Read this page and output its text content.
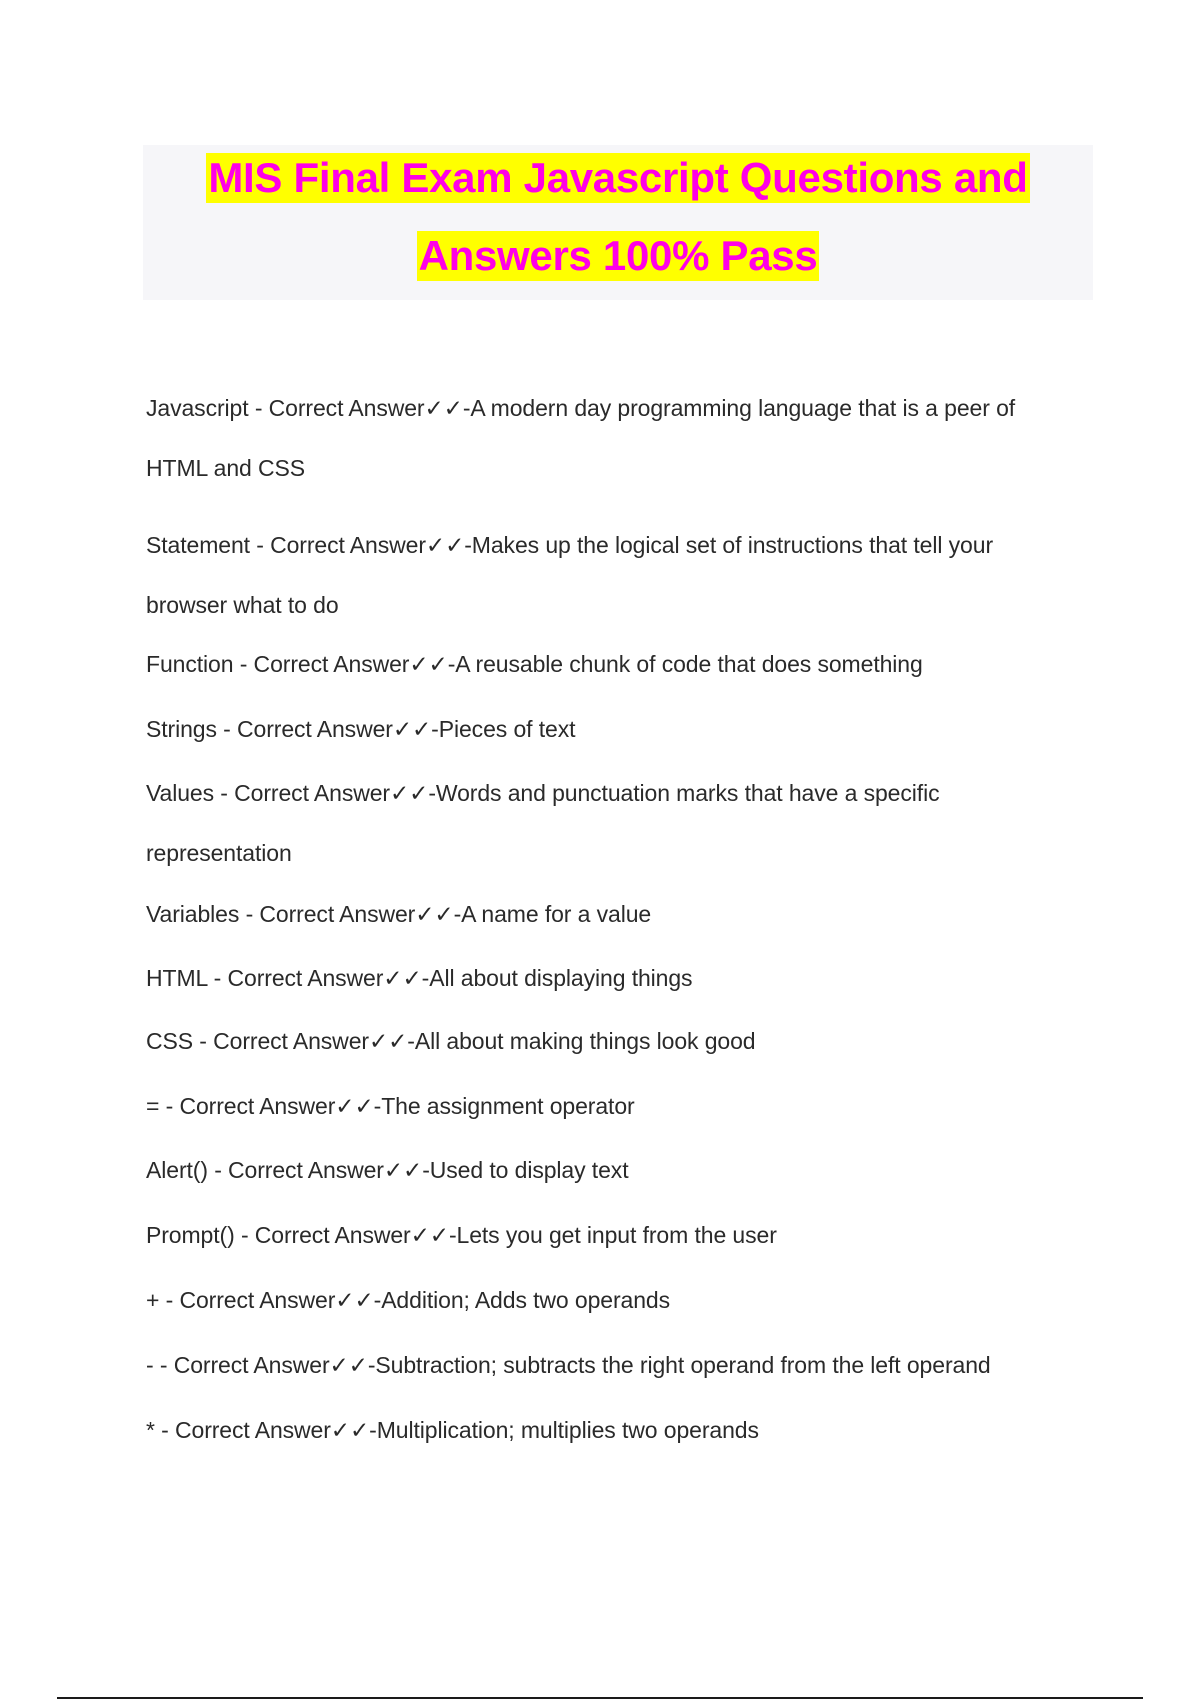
MIS Final Exam Javascript Questions and
Answers 100% Pass
Javascript - Correct Answer✓✓-A modern day programming language that is a peer of
HTML and CSS
Statement - Correct Answer✓✓-Makes up the logical set of instructions that tell your
browser what to do
Function - Correct Answer✓✓-A reusable chunk of code that does something
Strings - Correct Answer✓✓-Pieces of text
Values - Correct Answer✓✓-Words and punctuation marks that have a specific
representation
Variables - Correct Answer✓✓-A name for a value
HTML - Correct Answer✓✓-All about displaying things
CSS - Correct Answer✓✓-All about making things look good
= - Correct Answer✓✓-The assignment operator
Alert() - Correct Answer✓✓-Used to display text
Prompt() - Correct Answer✓✓-Lets you get input from the user
+ - Correct Answer✓✓-Addition; Adds two operands
- - Correct Answer✓✓-Subtraction; subtracts the right operand from the left operand
* - Correct Answer✓✓-Multiplication; multiplies two operands
